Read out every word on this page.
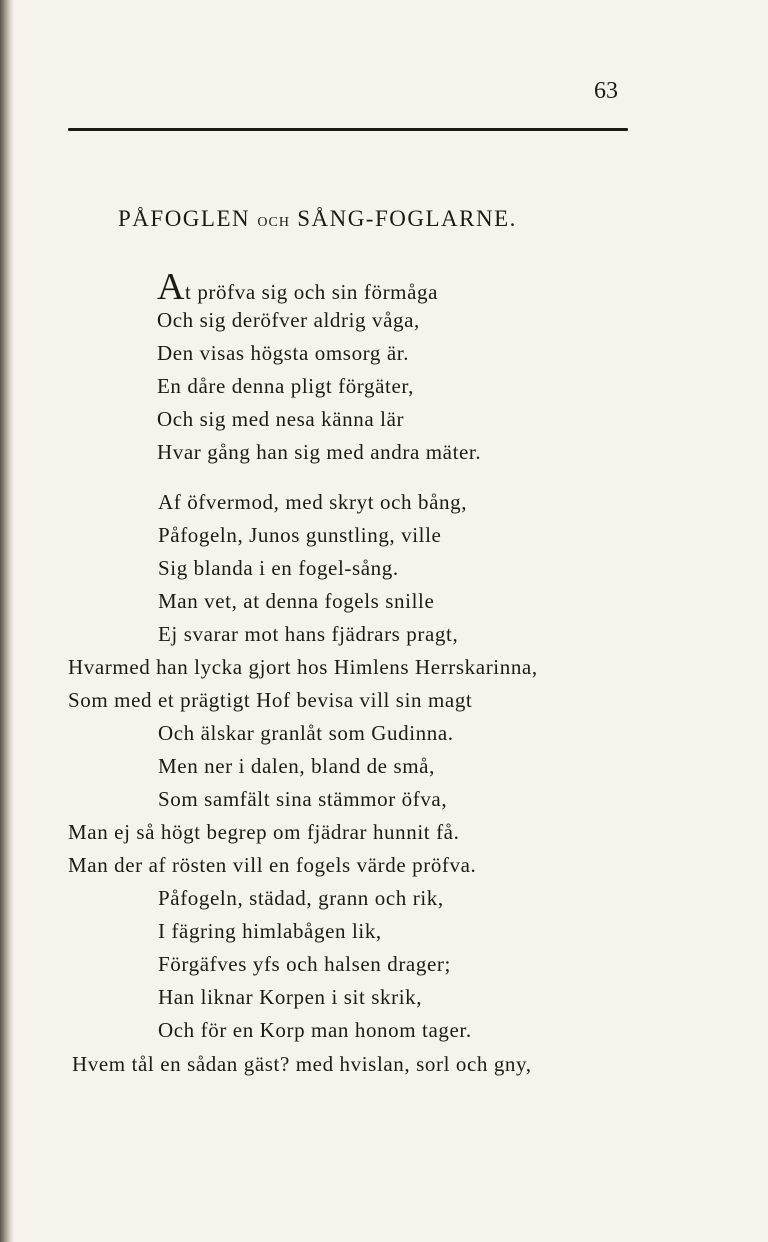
63
PÅFOGLEN OCH SÅNG-FOGLARNE.
At pröfva sig och sin förmåga
Och sig deröfver aldrig våga,
Den visas högsta omsorg är.
En dåre denna pligt förgäter,
Och sig med nesa känna lär
Hvar gång han sig med andra mäter.
Af öfvermod, med skryt och bång,
Påfogeln, Junos gunstling, ville
Sig blanda i en fogel-sång.
Man vet, at denna fogels snille
Ej svarar mot hans fjädrars pragt,
Hvarmed han lycka gjort hos Himlens Herrskarinna,
Som med et prägtigt Hof bevisa vill sin magt
Och älskar granlåt som Gudinna.
Men ner i dalen, bland de små,
Som samfält sina stämmor öfva,
Man ej så högt begrep om fjädrar hunnit få.
Man der af rösten vill en fogels värde pröfva.
Påfogeln, städad, grann och rik,
I fägring himlabågen lik,
Förgäfves yfs och halsen drager;
Han liknar Korpen i sit skrik,
Och för en Korp man honom tager.
Hvem tål en sådan gäst? med hvislan, sorl och gny,
